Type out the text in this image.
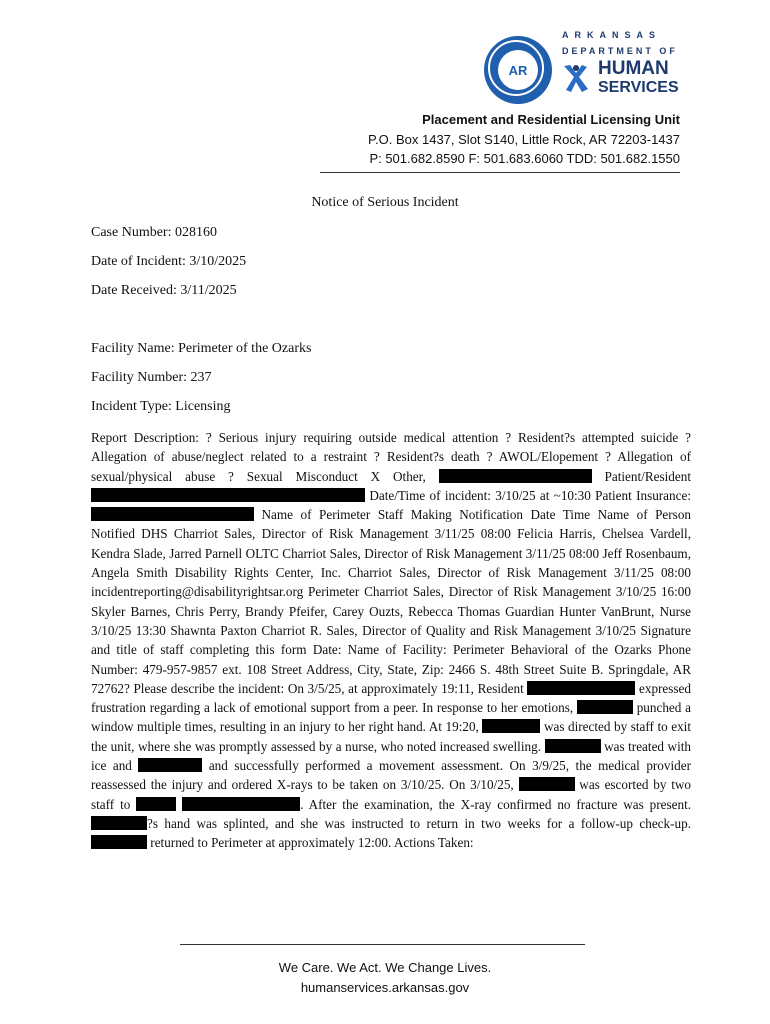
AR
ARKANSAS
DEPARTMENT OF
HUMAN
SERVICES
Placement and Residential Licensing Unit
P.O. Box 1437, Slot S140, Little Rock, AR 72203-1437
P: 501.682.8590 F: 501.683.6060 TDD: 501.682.1550
Notice of Serious Incident
Case Number: 028160
Date of Incident: 3/10/2025
Date Received: 3/11/2025
Facility Name: Perimeter of the Ozarks
Facility Number: 237
Incident Type: Licensing

Report Description: ? Serious injury requiring outside medical attention ? Resident?s attempted suicide ? Allegation of abuse/neglect related to a restraint ? Resident?s death ? AWOL/Elopement ? Allegation of sexual/physical abuse ? Sexual Misconduct X Other,	Patient/Resident  Date/Time of incident: 3/10/25 at ~10:30 Patient Insurance:  Name of Perimeter Staff Making Notification Date Time Name of Person Notified DHS Charriot Sales, Director of Risk Management 3/11/25 08:00 Felicia Harris, Chelsea Vardell, Kendra Slade, Jarred Parnell OLTC Charriot Sales, Director of Risk Management 3/11/25 08:00 Jeff Rosenbaum, Angela Smith Disability Rights Center, Inc. Charriot Sales, Director of Risk Management 3/11/25 08:00 incidentreporting@disabilityrightsar.org Perimeter Charriot Sales, Director of Risk Management 3/10/25 16:00 Skyler Barnes, Chris Perry, Brandy Pfeifer, Carey Ouzts, Rebecca Thomas Guardian Hunter VanBrunt, Nurse 3/10/25 13:30 Shawnta Paxton Charriot R. Sales, Director of Quality and Risk Management 3/10/25 Signature and title of staff completing this form Date: Name of Facility: Perimeter Behavioral of the Ozarks Phone Number: 479-957-9857 ext. 108 Street Address, City, State, Zip: 2466 S. 48th Street Suite B. Springdale, AR 72762? Please describe the incident: On 3/5/25, at approximately 19:11, Resident	expressed frustration regarding a lack of emotional support from a peer. In response to her emotions,	punched a window multiple times, resulting in an injury to her right hand. At 19:20,	was directed by staff to exit the unit, where she was promptly assessed by a nurse, who noted increased swelling.	was treated with ice and	and successfully performed a movement assessment. On 3/9/25, the medical provider reassessed the injury and ordered X-rays to be taken on 3/10/25. On 3/10/25,	was escorted by two staff to	. After the examination, the X-ray confirmed no fracture was present. ?s hand was splinted, and she was instructed to return in two weeks for a follow-up check-up.  returned to Perimeter at approximately 12:00. Actions Taken:

We Care. We Act. We Change Lives.
humanservices.arkansas.gov
